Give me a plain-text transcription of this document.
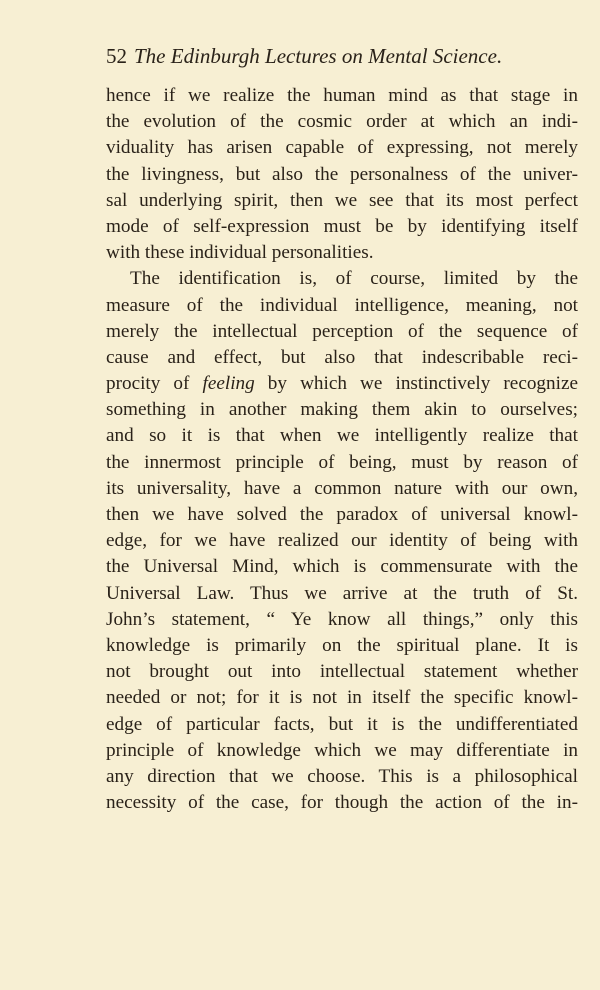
52 The Edinburgh Lectures on Mental Science.
hence if we realize the human mind as that stage in
the evolution of the cosmic order at which an indi-
viduality has arisen capable of expressing, not merely
the livingness, but also the personalness of the univer-
sal underlying spirit, then we see that its most perfect
mode of self-expression must be by identifying itself
with these individual personalities.
The identification is, of course, limited by the
measure of the individual intelligence, meaning, not
merely the intellectual perception of the sequence of
cause and effect, but also that indescribable reci-
procity of feeling by which we instinctively recognize
something in another making them akin to ourselves;
and so it is that when we intelligently realize that
the innermost principle of being, must by reason of
its universality, have a common nature with our own,
then we have solved the paradox of universal knowl-
edge, for we have realized our identity of being with
the Universal Mind, which is commensurate with the
Universal Law. Thus we arrive at the truth of St.
John’s statement, “ Ye know all things,” only this
knowledge is primarily on the spiritual plane. It is
not brought out into intellectual statement whether
needed or not; for it is not in itself the specific knowl-
edge of particular facts, but it is the undifferentiated
principle of knowledge which we may differentiate in
any direction that we choose. This is a philosophical
necessity of the case, for though the action of the in-
